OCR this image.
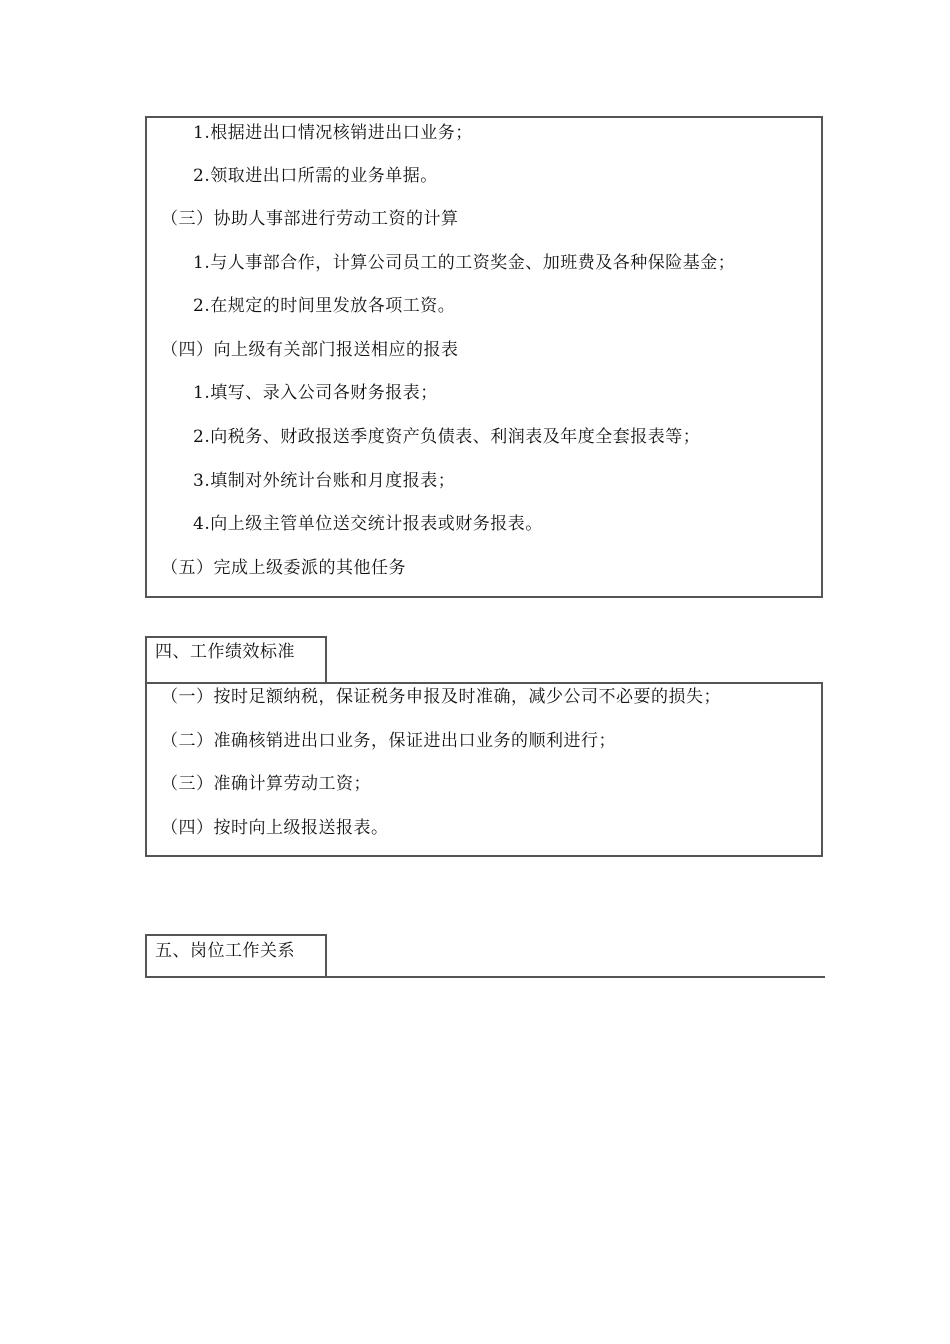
1.根据进出口情况核销进出口业务；
2.领取进出口所需的业务单据。
（三）协助人事部进行劳动工资的计算
1.与人事部合作，计算公司员工的工资奖金、加班费及各种保险基金；
2.在规定的时间里发放各项工资。
（四）向上级有关部门报送相应的报表
1.填写、录入公司各财务报表；
2.向税务、财政报送季度资产负债表、利润表及年度全套报表等；
3.填制对外统计台账和月度报表；
4.向上级主管单位送交统计报表或财务报表。
（五）完成上级委派的其他任务
四、工作绩效标准
（一）按时足额纳税，保证税务申报及时准确，减少公司不必要的损失；
（二）准确核销进出口业务，保证进出口业务的顺利进行；
（三）准确计算劳动工资；
（四）按时向上级报送报表。
五、岗位工作关系
